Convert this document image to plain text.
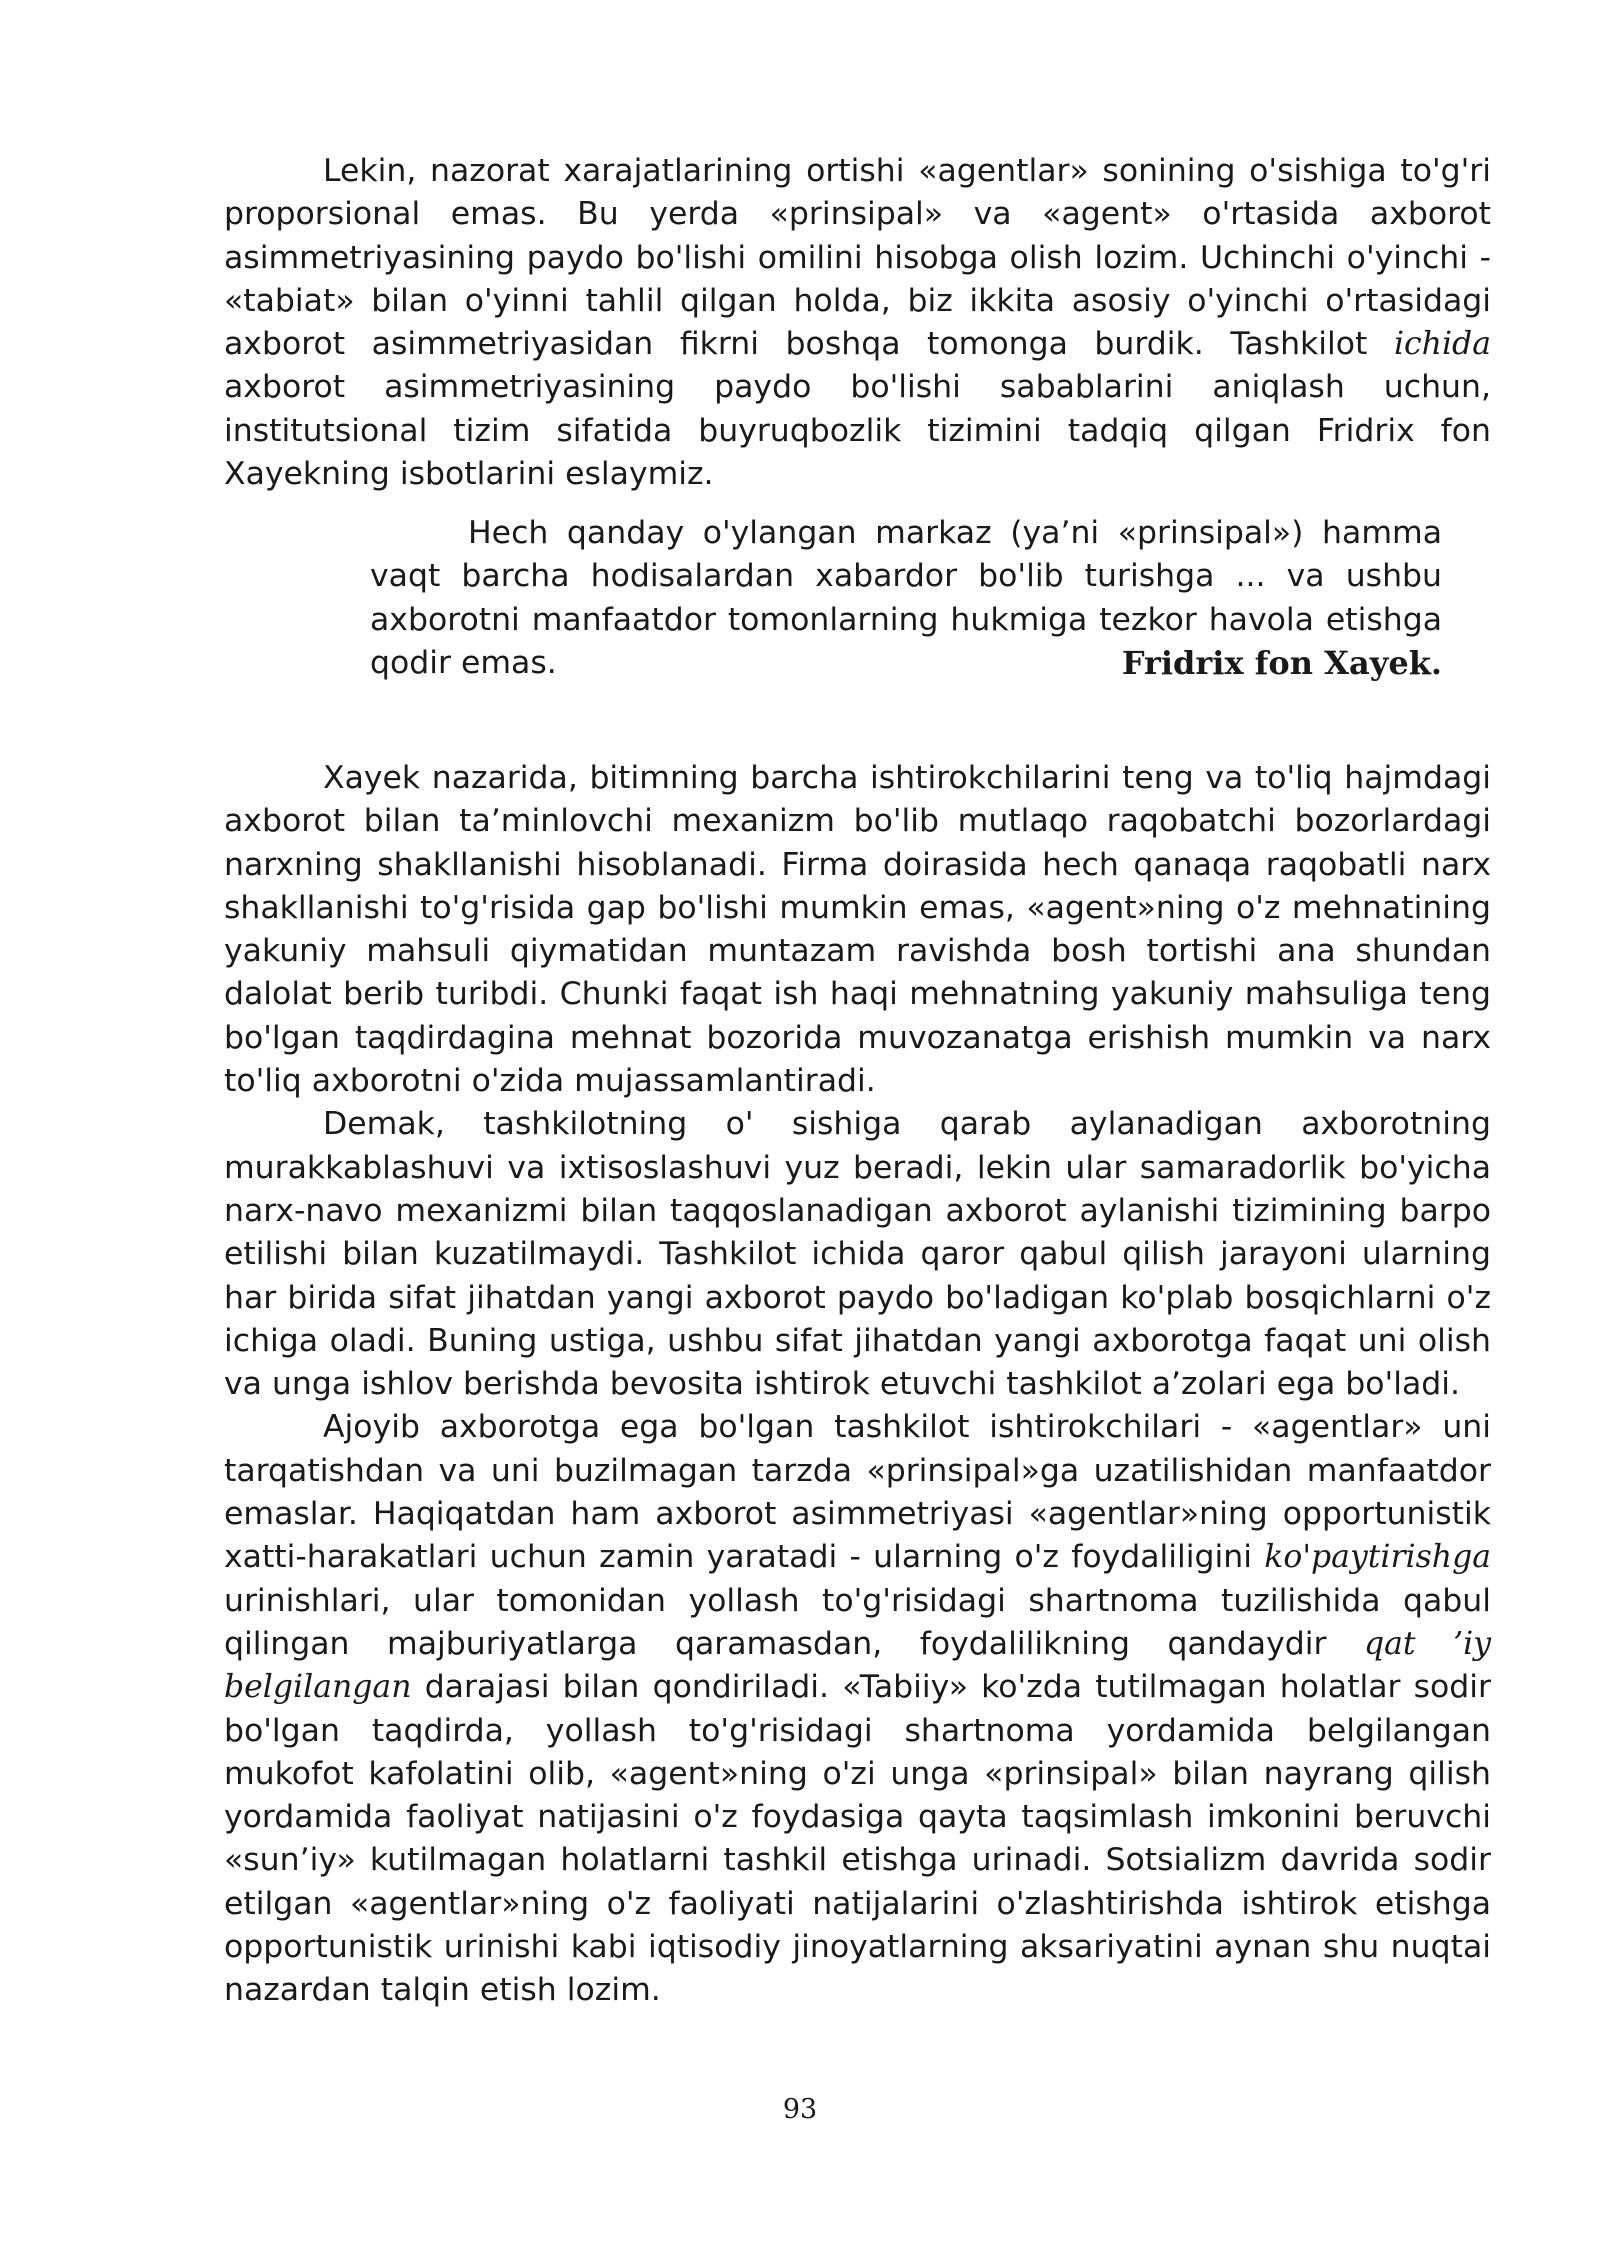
Lekin, nazorat xarajatlarining ortishi «agentlar» sonining o'sishiga to'g'ri proporsional emas. Bu yerda «prinsipal» va «agent» o'rtasida axborot asimmetriyasining paydo bo'lishi omilini hisobga olish lozim. Uchinchi o'yinchi - «tabiat» bilan o'yinni tahlil qilgan holda, biz ikkita asosiy o'yinchi o'rtasidagi axborot asimmetriyasidan fikrni boshqa tomonga burdik. Tashkilot ichida axborot asimmetriyasining paydo bo'lishi sabablarini aniqlash uchun, institutsional tizim sifatida buyruqbozlik tizimini tadqiq qilgan Fridrix fon Xayekning isbotlarini eslaymiz.

Hech qanday o'ylangan markaz (ya’ni «prinsipal») hamma vaqt barcha hodisalardan xabardor bo'lib turishga ... va ushbu axborotni manfaatdor tomonlarning hukmiga tezkor havola etishga qodir emas.	Fridrix fon Xayek.

Xayek nazarida, bitimning barcha ishtirokchilarini teng va to'liq hajmdagi axborot bilan ta’minlovchi mexanizm bo'lib mutlaqo raqobatchi bozorlardagi narxning shakllanishi hisoblanadi. Firma doirasida hech qanaqa raqobatli narx shakllanishi to'g'risida gap bo'lishi mumkin emas, «agent»ning o'z mehnatining yakuniy mahsuli qiymatidan muntazam ravishda bosh tortishi ana shundan dalolat berib turibdi. Chunki faqat ish haqi mehnatning yakuniy mahsuliga teng bo'lgan taqdirdagina mehnat bozorida muvozanatga erishish mumkin va narx to'liq axborotni o'zida mujassamlantiradi.

Demak, tashkilotning o' sishiga qarab aylanadigan axborotning murakkablashuvi va ixtisoslashuvi yuz beradi, lekin ular samaradorlik bo'yicha narx-navo mexanizmi bilan taqqoslanadigan axborot aylanishi tizimining barpo etilishi bilan kuzatilmaydi. Tashkilot ichida qaror qabul qilish jarayoni ularning har birida sifat jihatdan yangi axborot paydo bo'ladigan ko'plab bosqichlarni o'z ichiga oladi. Buning ustiga, ushbu sifat jihatdan yangi axborotga faqat uni olish va unga ishlov berishda bevosita ishtirok etuvchi tashkilot a’zolari ega bo'ladi.

Ajoyib axborotga ega bo'lgan tashkilot ishtirokchilari - «agentlar» uni tarqatishdan va uni buzilmagan tarzda «prinsipal»ga uzatilishidan manfaatdor emaslar. Haqiqatdan ham axborot asimmetriyasi «agentlar»ning opportunistik xatti-harakatlari uchun zamin yaratadi - ularning o'z foydaliligini ko'paytirishga urinishlari, ular tomonidan yollash to'g'risidagi shartnoma tuzilishida qabul qilingan majburiyatlarga qaramasdan, foydalilikning qandaydir qat ’iy belgilangan darajasi bilan qondiriladi. «Tabiiy» ko'zda tutilmagan holatlar sodir bo'lgan taqdirda, yollash to'g'risidagi shartnoma yordamida belgilangan mukofot kafolatini olib, «agent»ning o'zi unga «prinsipal» bilan nayrang qilish yordamida faoliyat natijasini o'z foydasiga qayta taqsimlash imkonini beruvchi «sun’iy» kutilmagan holatlarni tashkil etishga urinadi. Sotsializm davrida sodir etilgan «agentlar»ning o'z faoliyati natijalarini o'zlashtirishda ishtirok etishga opportunistik urinishi kabi iqtisodiy jinoyatlarning aksariyatini aynan shu nuqtai nazardan talqin etish lozim.

93
